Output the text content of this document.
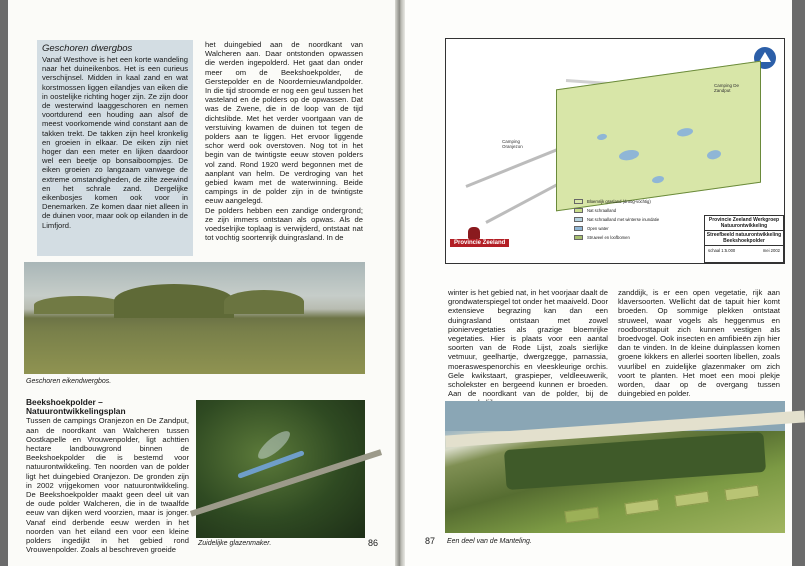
Geschoren dwergbos

Vanaf Westhove is het een korte wandeling naar het duineikenbos. Het is een curieus verschijnsel. Midden in kaal zand en wat korstmossen liggen eilandjes van eiken die in oostelijke richting hoger zijn. Ze zijn door de westerwind laaggeschoren en nemen voortdurend een houding aan alsof de meest voorkomende wind constant aan de takken trekt. De takken zijn heel kronkelig en groeien in elkaar. De eiken zijn niet hoger dan een meter en lijken daardoor wel een beetje op bonsaiboompjes. De eiken groeien zo langzaam vanwege de extreme omstandigheden, de zilte zeewind en het schrale zand. Dergelijke eikenbosjes komen ook voor in Denemarken. Ze komen daar niet alleen in de duinen voor, maar ook op eilanden in de Limfjord.

het duingebied aan de noordkant van Walcheren aan. Daar ontstonden opwassen die werden ingepolderd. Het gaat dan onder meer om de Beekshoekpolder, de Gerstepolder en de Noordernieuwlandpolder. In die tijd stroomde er nog een geul tussen het vasteland en de polders op de opwassen. Dat was de Zwene, die in de loop van de tijd dichtslibde. Met het verder voortgaan van de verstuiving kwamen de duinen tot tegen de polders aan te liggen. Het ervoor liggende schor werd ook overstoven. Nog tot in het begin van de twintigste eeuw stoven polders vol zand. Rond 1920 werd begonnen met de aanplant van helm. De verdroging van het gebied kwam met de waterwinning. Beide campings in de polder zijn in de twintigste eeuw aangelegd.
De polders hebben een zandige ondergrond; ze zijn immers ontstaan als opwas. Als de voedselrijke toplaag is verwijderd, ontstaat nat tot vochtig soortenrijk duingrasland. In de
Geschoren eikendwergbos.
Beekshoekpolder –
Natuurontwikkelingsplan
Tussen de campings Oranjezon en De Zandput, aan de noordkant van Walcheren tussen Oostkapelle en Vrouwenpolder, ligt achttien hectare landbouwgrond binnen de Beekshoekpolder die is bestemd voor natuurontwikkeling. Ten noorden van de polder ligt het duingebied Oranjezon. De gronden zijn in 2002 vrijgekomen voor natuurontwikkeling. De Beekshoekpolder maakt geen deel uit van de oude polder Walcheren, die in de twaalfde eeuw van dijken werd voorzien, maar is jonger. Vanaf eind derbende eeuw werden in het noorden van het eiland een voor een kleine polders ingedijkt in het gebied rond Vrouwenpolder. Zoals al beschreven groeide
Zuidelijke glazenmaker.	86
Camping De Zandput
Camping Oranjezon
Bloemrijk grasland (droog-vochtig)
Nat schraalland
Nat schraalland met winterse inundatie
Open water
Struweel en loofbomen
Provincie Zeeland Werkgroep Natuurontwikkeling
Streefbeeld natuurontwikkeling Beekshoekpolder
schaal 1:5.000	mei 2002
Provincie Zeeland
winter is het gebied nat, in het voorjaar daalt de grondwaterspiegel tot onder het maaiveld. Door extensieve begrazing kan dan een duingrasland ontstaan met zowel pioniervegetaties als grazige bloemrijke vegetaties. Hier is plaats voor een aantal soorten van de Rode Lijst, zoals sierlijke vetmuur, geelhartje, dwergzegge, parnassia, moeraswespenorchis en vleeskleurige orchis. Gele kwikstaart, graspieper, veldleeuwerik, scholekster en bergeend kunnen er broeden. Aan de noordkant van de polder, bij de
zanddijk, is er een open vegetatie, rijk aan klaversoorten. Wellicht dat de tapuit hier komt broeden. Op sommige plekken ontstaat struweel, waar vogels als heggenmus en roodborsttapuit zich kunnen vestigen als broedvogel. Ook insecten en amfibieën zijn hier dan te vinden. In de kleine duinplassen komen groene kikkers en allerlei soorten libellen, zoals vuurlibel en zuidelijke glazenmaker om zich voort te planten. Het moet een mooi plekje worden, daar op de overgang tussen duingebied en polder.
87 Een deel van de Manteling.
